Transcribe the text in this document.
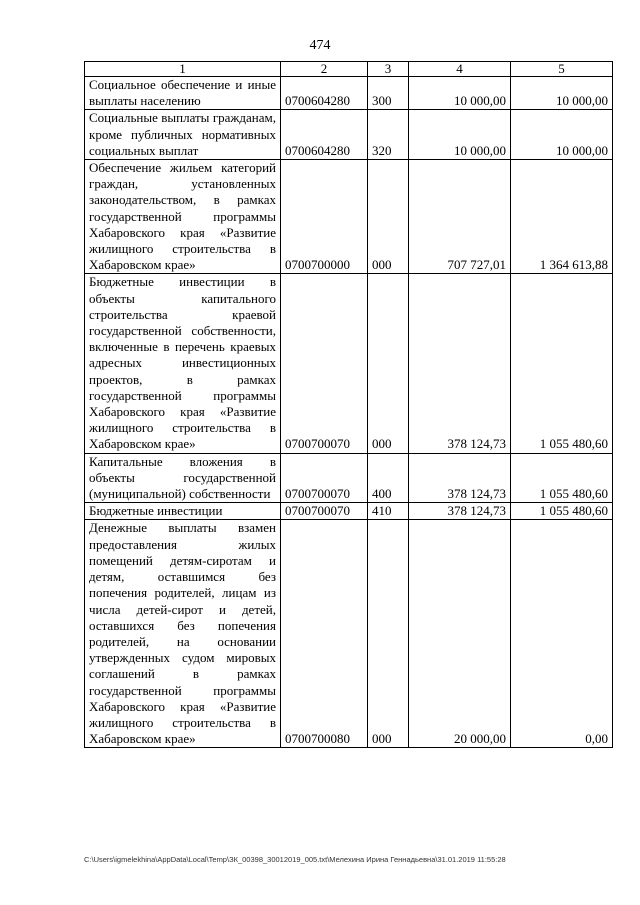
474
1	2	3	4	5
Социальное обеспечение и иные выплаты населению	0700604280	300	10 000,00	10 000,00
Социальные выплаты гражданам, кроме публичных нормативных социальных выплат	0700604280	320	10 000,00	10 000,00
Обеспечение жильем категорий граждан, установленных законодательством, в рамках государственной программы Хабаровского края «Развитие жилищного строительства в Хабаровском крае»	0700700000	000	707 727,01	1 364 613,88
Бюджетные инвестиции в объекты капитального строительства краевой государственной собственности, включенные в перечень краевых адресных инвестиционных проектов, в рамках государственной программы Хабаровского края «Развитие жилищного строительства в Хабаровском крае»	0700700070	000	378 124,73	1 055 480,60
Капитальные вложения в объекты государственной (муниципальной) собственности	0700700070	400	378 124,73	1 055 480,60
Бюджетные инвестиции	0700700070	410	378 124,73	1 055 480,60
Денежные выплаты взамен предоставления жилых помещений детям-сиротам и детям, оставшимся без попечения родителей, лицам из числа детей-сирот и детей, оставшихся без попечения родителей, на основании утвержденных судом мировых соглашений в рамках государственной программы Хабаровского края «Развитие жилищного строительства в Хабаровском крае»	0700700080	000	20 000,00	0,00
C:\Users\igmelekhina\AppData\Local\Temp\ЗК_00398_30012019_005.txt\Мелехина Ирина Геннадьевна\31.01.2019 11:55:28
